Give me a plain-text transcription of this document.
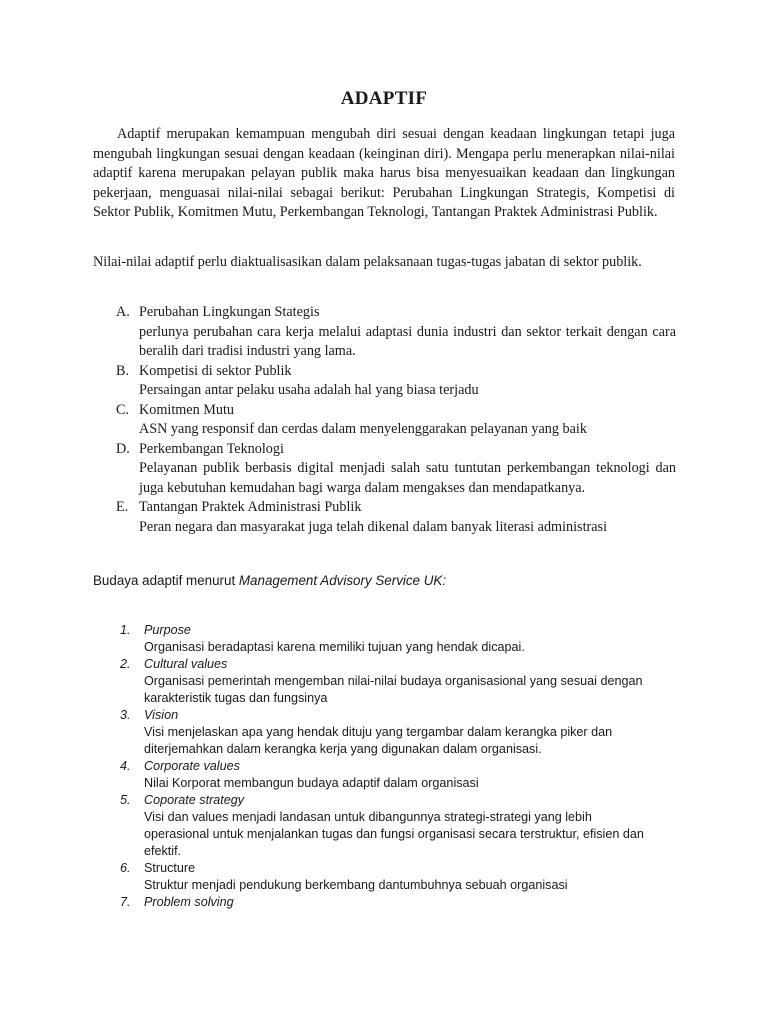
ADAPTIF

Adaptif merupakan kemampuan mengubah diri sesuai dengan keadaan lingkungan tetapi juga mengubah lingkungan sesuai dengan keadaan (keinginan diri). Mengapa perlu menerapkan nilai-nilai adaptif karena merupakan pelayan publik maka harus bisa menyesuaikan keadaan dan lingkungan pekerjaan, menguasai nilai-nilai sebagai berikut: Perubahan Lingkungan Strategis, Kompetisi di Sektor Publik, Komitmen Mutu, Perkembangan Teknologi, Tantangan Praktek Administrasi Publik.

Nilai-nilai adaptif perlu diaktualisasikan dalam pelaksanaan tugas-tugas jabatan di sektor publik.

A. Perubahan Lingkungan Stategis
perlunya perubahan cara kerja melalui adaptasi dunia industri dan sektor terkait dengan cara beralih dari tradisi industri yang lama.
B. Kompetisi di sektor Publik
Persaingan antar pelaku usaha adalah hal yang biasa terjadu
C. Komitmen Mutu
ASN yang responsif dan cerdas dalam menyelenggarakan pelayanan yang baik
D. Perkembangan Teknologi
Pelayanan publik berbasis digital menjadi salah satu tuntutan perkembangan teknologi dan juga kebutuhan kemudahan bagi warga dalam mengakses dan mendapatkanya.
E. Tantangan Praktek Administrasi Publik
Peran negara dan masyarakat juga telah dikenal dalam banyak literasi administrasi
Budaya adaptif menurut Management Advisory Service UK:
1. Purpose
Organisasi beradaptasi karena memiliki tujuan yang hendak dicapai.
2. Cultural values
Organisasi pemerintah mengemban nilai-nilai budaya organisasional yang sesuai dengan karakteristik tugas dan fungsinya
3. Vision
Visi menjelaskan apa yang hendak dituju yang tergambar dalam kerangka piker dan diterjemahkan dalam kerangka kerja yang digunakan dalam organisasi.
4. Corporate values
Nilai Korporat membangun budaya adaptif dalam organisasi
5. Coporate strategy
Visi dan values menjadi landasan untuk dibangunnya strategi-strategi yang lebih operasional untuk menjalankan tugas dan fungsi organisasi secara terstruktur, efisien dan efektif.
6. Structure
Struktur menjadi pendukung berkembang dantumbuhnya sebuah organisasi
7. Problem solving
